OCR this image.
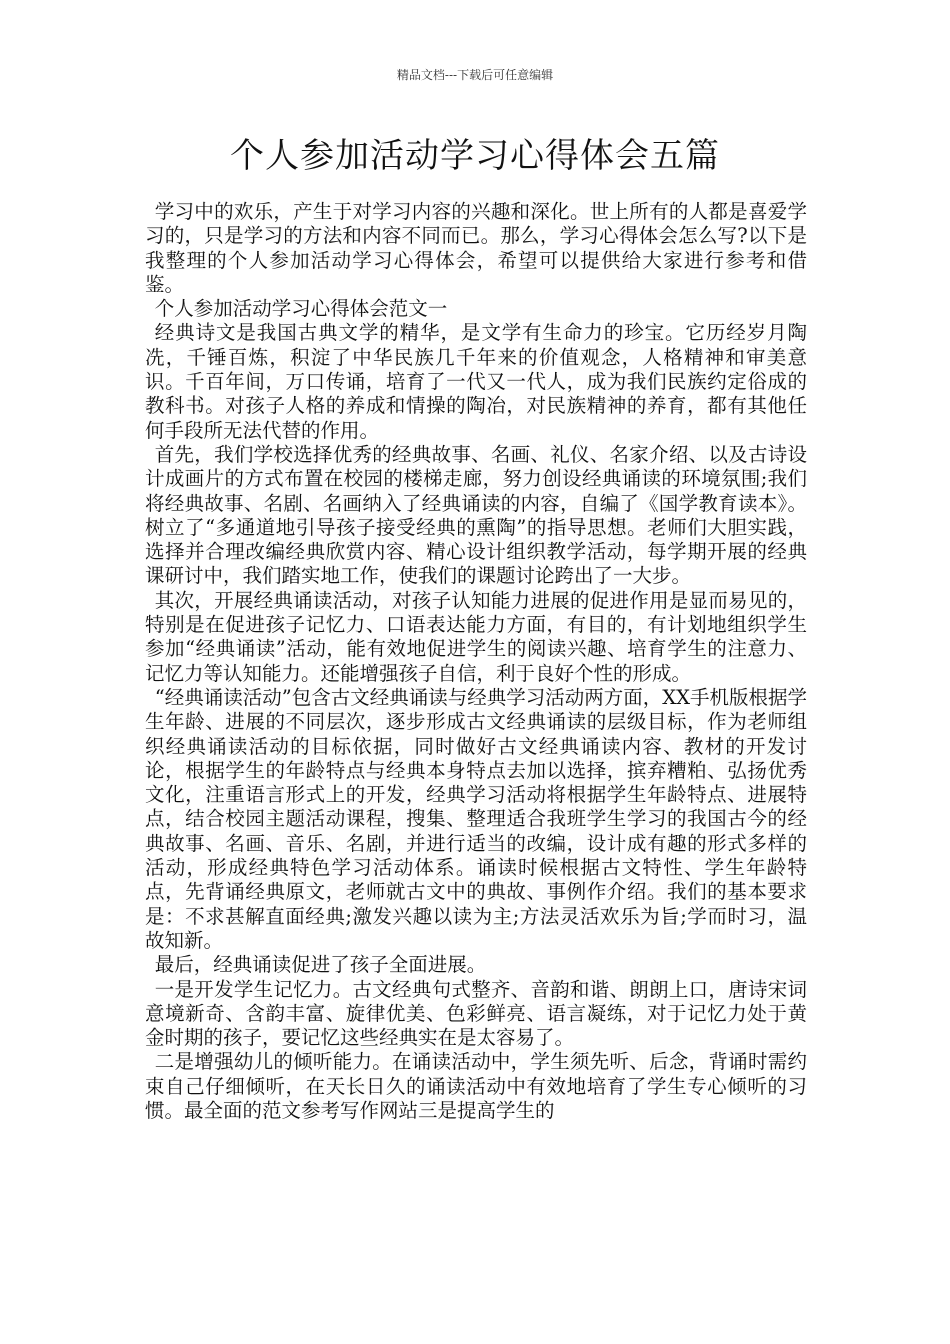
精品文档---下载后可任意编辑
个人参加活动学习心得体会五篇

学习中的欢乐，产生于对学习内容的兴趣和深化。世上所有的人都是喜爱学习的，只是学习的方法和内容不同而已。那么，学习心得体会怎么写?以下是我整理的个人参加活动学习心得体会，希望可以提供给大家进行参考和借鉴。

个人参加活动学习心得体会范文一

经典诗文是我国古典文学的精华，是文学有生命力的珍宝。它历经岁月陶冼，千锤百炼，积淀了中华民族几千年来的价值观念，人格精神和审美意识。千百年间，万口传诵，培育了一代又一代人，成为我们民族约定俗成的教科书。对孩子人格的养成和情操的陶冶，对民族精神的养育，都有其他任何手段所无法代替的作用。

首先，我们学校选择优秀的经典故事、名画、礼仪、名家介绍、以及古诗设计成画片的方式布置在校园的楼梯走廊，努力创设经典诵读的环境氛围;我们将经典故事、名剧、名画纳入了经典诵读的内容，自编了《国学教育读本》。树立了“多通道地引导孩子接受经典的熏陶”的指导思想。老师们大胆实践，选择并合理改编经典欣赏内容、精心设计组织教学活动，每学期开展的经典课研讨中，我们踏实地工作，使我们的课题讨论跨出了一大步。

其次，开展经典诵读活动，对孩子认知能力进展的促进作用是显而易见的，特别是在促进孩子记忆力、口语表达能力方面，有目的，有计划地组织学生参加“经典诵读”活动，能有效地促进学生的阅读兴趣、培育学生的注意力、记忆力等认知能力。还能增强孩子自信，利于良好个性的形成。

“经典诵读活动”包含古文经典诵读与经典学习活动两方面，XX手机版根据学生年龄、进展的不同层次，逐步形成古文经典诵读的层级目标，作为老师组织经典诵读活动的目标依据，同时做好古文经典诵读内容、教材的开发讨论，根据学生的年龄特点与经典本身特点去加以选择，摈弃糟粕、弘扬优秀文化，注重语言形式上的开发，经典学习活动将根据学生年龄特点、进展特点，结合校园主题活动课程，搜集、整理适合我班学生学习的我国古今的经典故事、名画、音乐、名剧，并进行适当的改编，设计成有趣的形式多样的活动，形成经典特色学习活动体系。诵读时候根据古文特性、学生年龄特点，先背诵经典原文，老师就古文中的典故、事例作介绍。我们的基本要求是：不求甚解直面经典;激发兴趣以读为主;方法灵活欢乐为旨;学而时习，温故知新。

最后，经典诵读促进了孩子全面进展。

一是开发学生记忆力。古文经典句式整齐、音韵和谐、朗朗上口，唐诗宋词意境新奇、含韵丰富、旋律优美、色彩鲜亮、语言凝练，对于记忆力处于黄金时期的孩子，要记忆这些经典实在是太容易了。

二是增强幼儿的倾听能力。在诵读活动中，学生须先听、后念，背诵时需约束自己仔细倾听，在天长日久的诵读活动中有效地培育了学生专心倾听的习惯。最全面的范文参考写作网站三是提高学生的
